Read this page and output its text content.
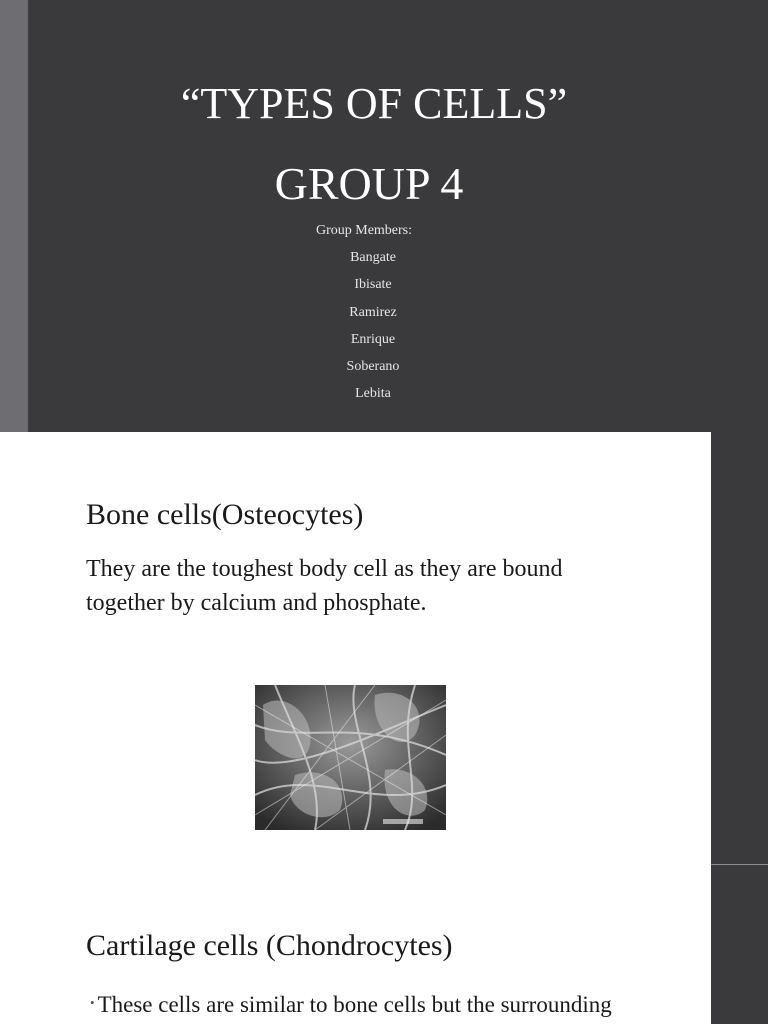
“TYPES OF CELLS”
GROUP 4
Group Members:
Bangate
Ibisate
Ramirez
Enrique
Soberano
Lebita
Bone cells(Osteocytes)

They are the toughest body cell as they are bound together by calcium and phosphate.

Cartilage cells (Chondrocytes)

• These cells are similar to bone cells but the surrounding
